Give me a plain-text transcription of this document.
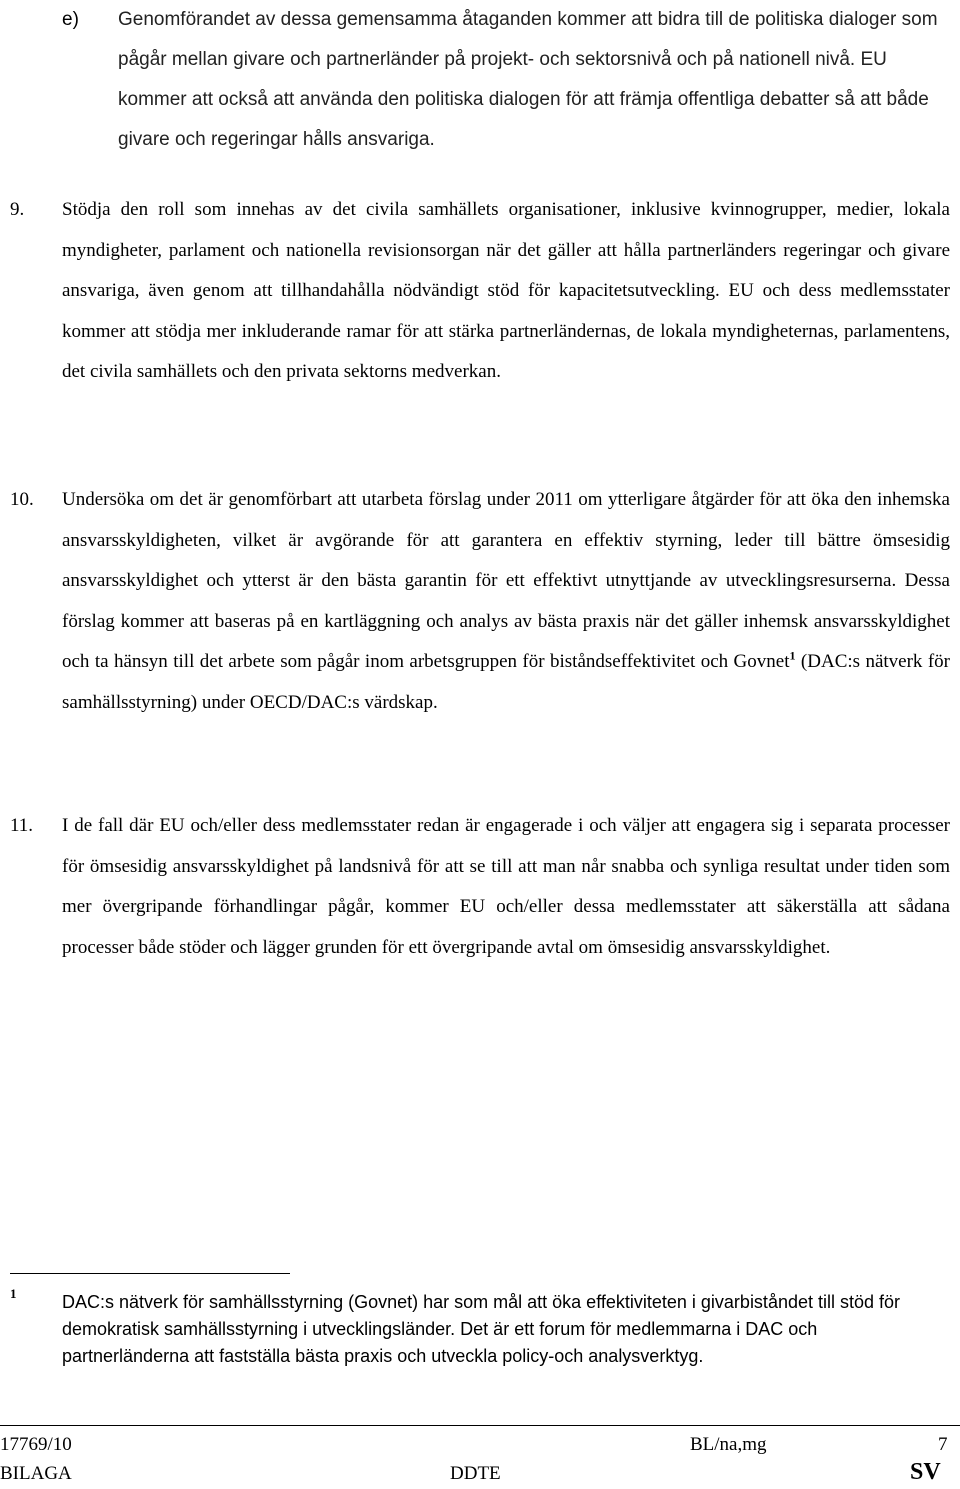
e) Genomförandet av dessa gemensamma åtaganden kommer att bidra till de politiska dialoger som pågår mellan givare och partnerländer på projekt- och sektorsnivå och på nationell nivå. EU kommer att också att använda den politiska dialogen för att främja offentliga debatter så att både givare och regeringar hålls ansvariga.
9. Stödja den roll som innehas av det civila samhällets organisationer, inklusive kvinnogrupper, medier, lokala myndigheter, parlament och nationella revisionsorgan när det gäller att hålla partnerländers regeringar och givare ansvariga, även genom att tillhandahålla nödvändigt stöd för kapacitetsutveckling. EU och dess medlemsstater kommer att stödja mer inkluderande ramar för att stärka partnerländernas, de lokala myndigheternas, parlamentens, det civila samhällets och den privata sektorns medverkan.
10. Undersöka om det är genomförbart att utarbeta förslag under 2011 om ytterligare åtgärder för att öka den inhemska ansvarsskyldigheten, vilket är avgörande för att garantera en effektiv styrning, leder till bättre ömsesidig ansvarsskyldighet och ytterst är den bästa garantin för ett effektivt utnyttjande av utvecklingsresurserna. Dessa förslag kommer att baseras på en kartläggning och analys av bästa praxis när det gäller inhemsk ansvarsskyldighet och ta hänsyn till det arbete som pågår inom arbetsgruppen för biståndseffektivitet och Govnet$^1$ (DAC:s nätverk för samhällsstyrning) under OECD/DAC:s värdskap.
11. I de fall där EU och/eller dess medlemsstater redan är engagerade i och väljer att engagera sig i separata processer för ömsesidig ansvarsskyldighet på landsnivå för att se till att man når snabba och synliga resultat under tiden som mer övergripande förhandlingar pågår, kommer EU och/eller dessa medlemsstater att säkerställa att sådana processer både stöder och lägger grunden för ett övergripande avtal om ömsesidig ansvarsskyldighet.
1	DAC:s nätverk för samhällsstyrning (Govnet) har som mål att öka effektiviteten i givarbiståndet till stöd för demokratisk samhällsstyrning i utvecklingsländer. Det är ett forum för medlemmarna i DAC och partnerländerna att fastställa bästa praxis och utveckla policy-och analysverktyg.
17769/10	BL/na,mg	7
BILAGA	DDTE	SV
